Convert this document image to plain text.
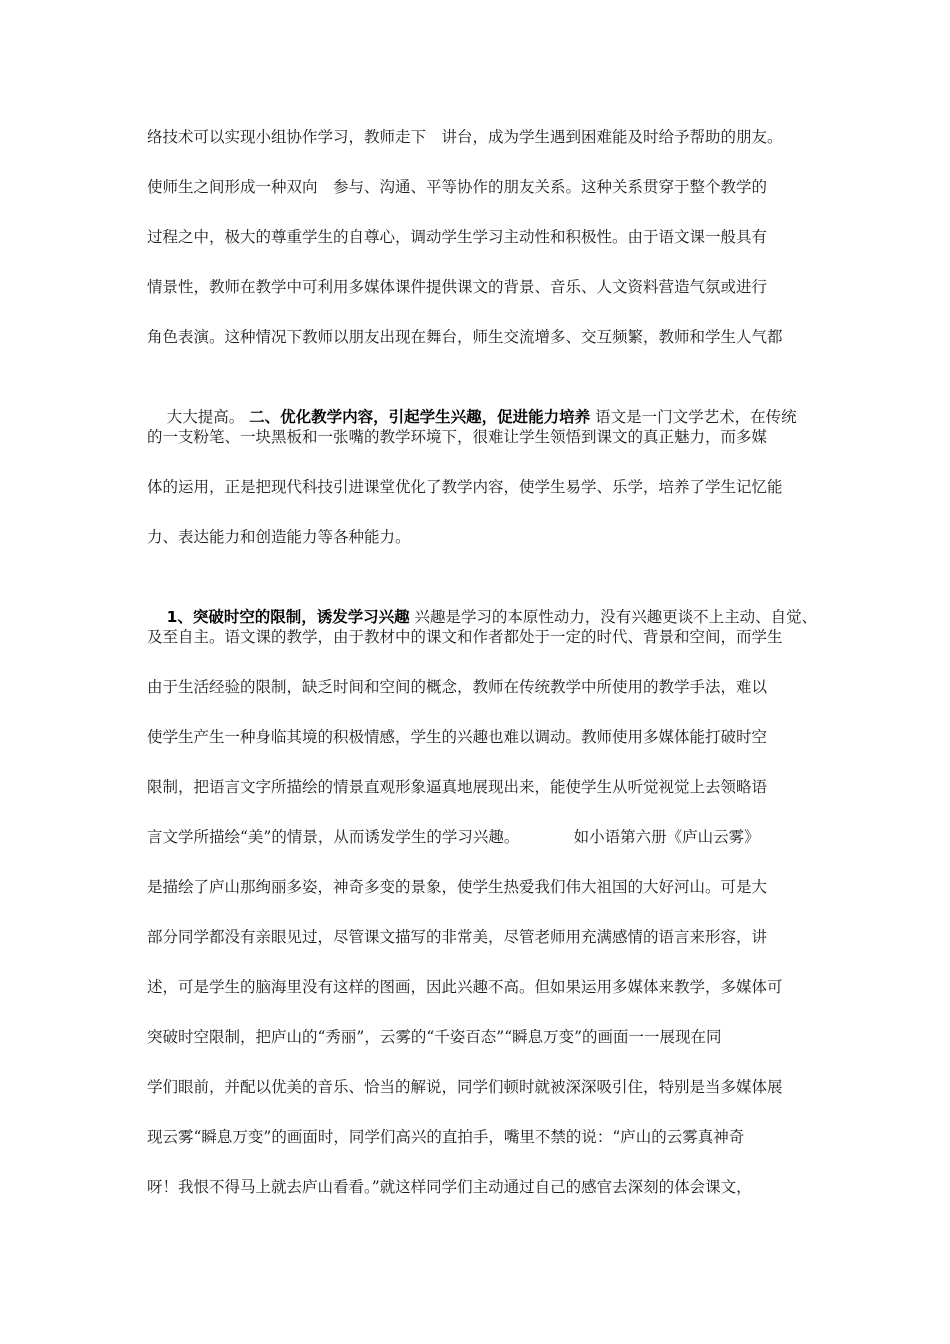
络技术可以实现小组协作学习，教师走下　讲台，成为学生遇到困难能及时给予帮助的朋友。
使师生之间形成一种双向　参与、沟通、平等协作的朋友关系。这种关系贯穿于整个教学的
过程之中，极大的尊重学生的自尊心，调动学生学习主动性和积极性。由于语文课一般具有
情景性，教师在教学中可利用多媒体课件提供课文的背景、音乐、人文资料营造气氛或进行
角色表演。这种情况下教师以朋友出现在舞台，师生交流增多、交互频繁，教师和学生人气都

大大提高。 二、优化教学内容，引起学生兴趣，促进能力培养 语文是一门文学艺术，在传统

的一支粉笔、一块黑板和一张嘴的教学环境下，很难让学生领悟到课文的真正魅力，而多媒
体的运用，正是把现代科技引进课堂优化了教学内容，使学生易学、乐学，培养了学生记忆能
力、表达能力和创造能力等各种能力。

1、突破时空的限制，诱发学习兴趣 兴趣是学习的本原性动力，没有兴趣更谈不上主动、自觉、

及至自主。语文课的教学，由于教材中的课文和作者都处于一定的时代、背景和空间，而学生
由于生活经验的限制，缺乏时间和空间的概念，教师在传统教学中所使用的教学手法，难以
使学生产生一种身临其境的积极情感，学生的兴趣也难以调动。教师使用多媒体能打破时空
限制，把语言文字所描绘的情景直观形象逼真地展现出来，能使学生从听觉视觉上去领略语
言文学所描绘“美”的情景，从而诱发学生的学习兴趣。　　　　如小语第六册《庐山云雾》
是描绘了庐山那绚丽多姿，神奇多变的景象，使学生热爱我们伟大祖国的大好河山。可是大
部分同学都没有亲眼见过，尽管课文描写的非常美，尽管老师用充满感情的语言来形容，讲
述，可是学生的脑海里没有这样的图画，因此兴趣不高。但如果运用多媒体来教学，多媒体可
突破时空限制，把庐山的“秀丽”，云雾的“千姿百态”“瞬息万变”的画面一一展现在同
学们眼前，并配以优美的音乐、恰当的解说，同学们顿时就被深深吸引住，特别是当多媒体展
现云雾“瞬息万变”的画面时，同学们高兴的直拍手，嘴里不禁的说：“庐山的云雾真神奇
呀！我恨不得马上就去庐山看看。”就这样同学们主动通过自己的感官去深刻的体会课文，
